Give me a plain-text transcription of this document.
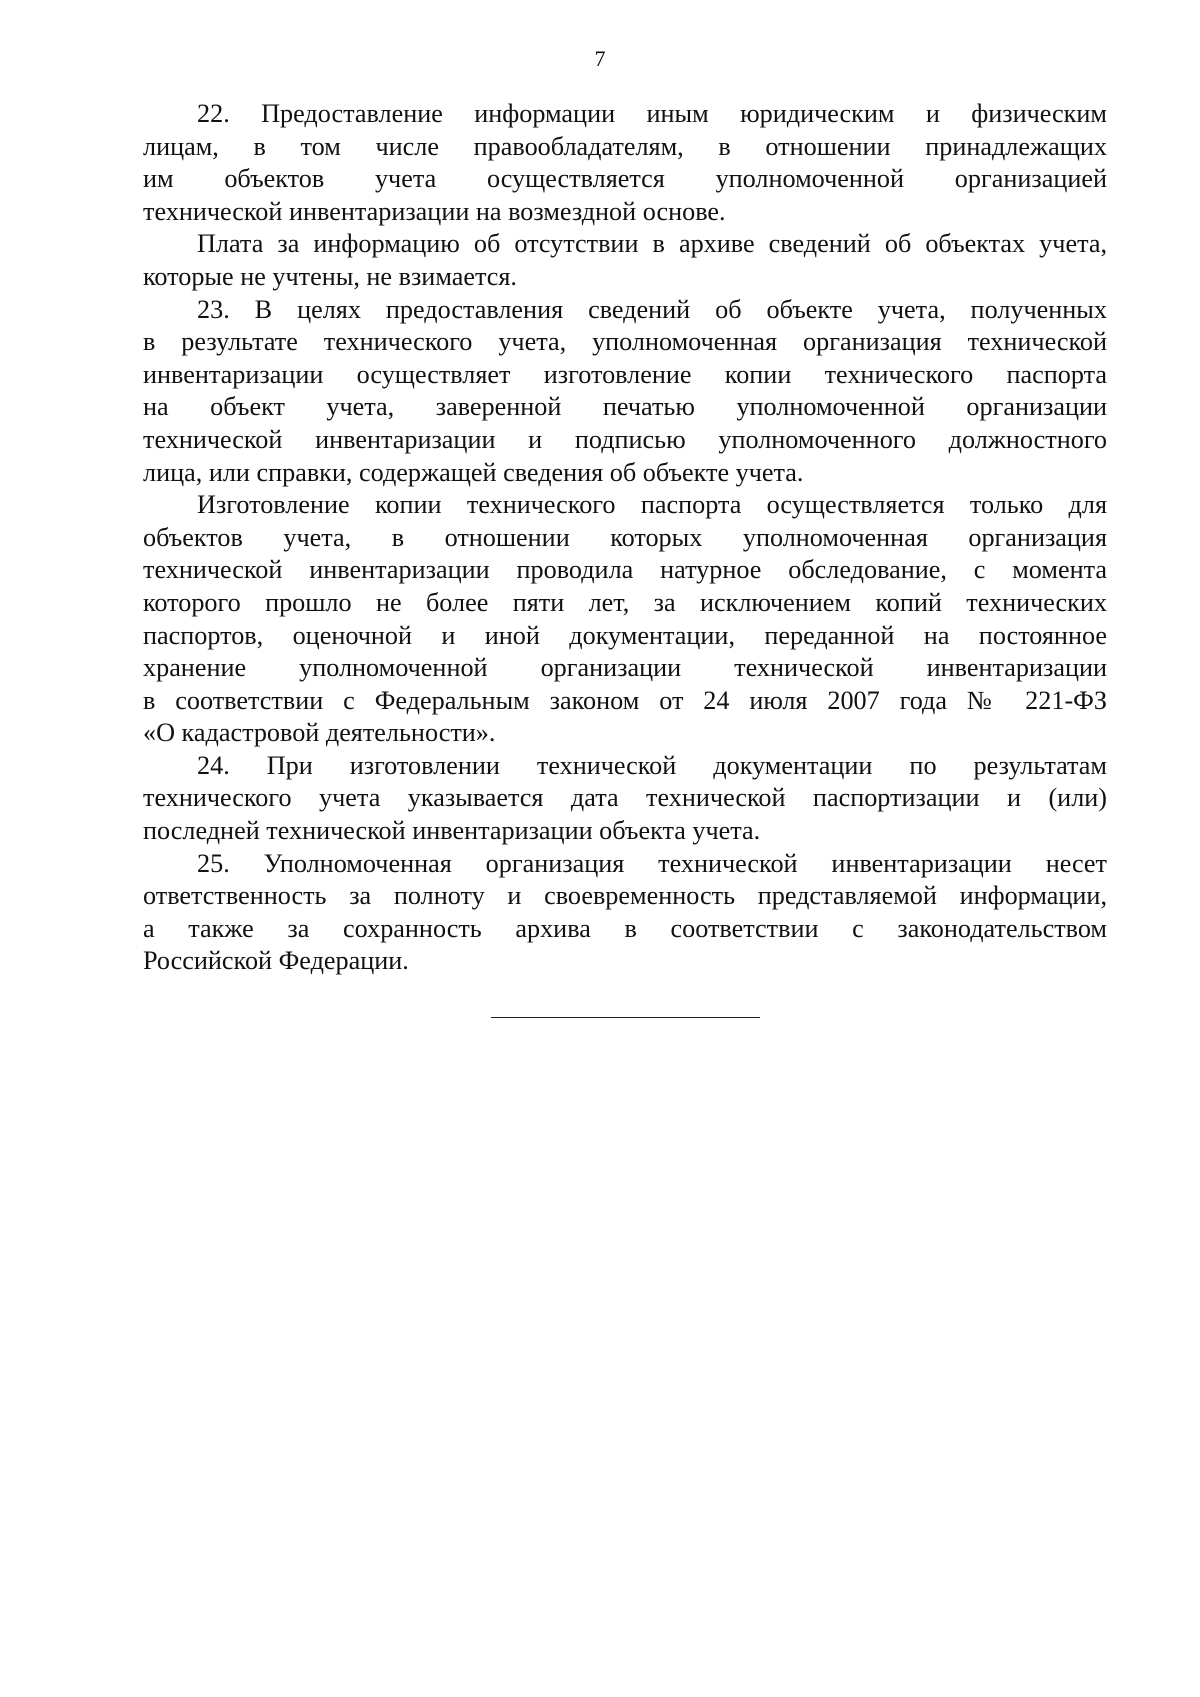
7

22. Предоставление информации иным юридическим и физическим
лицам, в том числе правообладателям, в отношении принадлежащих
им объектов учета осуществляется уполномоченной организацией
технической инвентаризации на возмездной основе.

Плата за информацию об отсутствии в архиве сведений об объектах учета,
которые не учтены, не взимается.

23. В целях предоставления сведений об объекте учета, полученных
в результате технического учета, уполномоченная организация технической
инвентаризации осуществляет изготовление копии технического паспорта
на объект учета, заверенной печатью уполномоченной организации
технической инвентаризации и подписью уполномоченного должностного
лица, или справки, содержащей сведения об объекте учета.

Изготовление копии технического паспорта осуществляется только для
объектов учета, в отношении которых уполномоченная организация
технической инвентаризации проводила натурное обследование, с момента
которого прошло не более пяти лет, за исключением копий технических
паспортов, оценочной и иной документации, переданной на постоянное
хранение уполномоченной организации технической инвентаризации
в соответствии с Федеральным законом от 24 июля 2007 года № 221-ФЗ
«О кадастровой деятельности».

24. При изготовлении технической документации по результатам
технического учета указывается дата технической паспортизации и (или)
последней технической инвентаризации объекта учета.

25. Уполномоченная организация технической инвентаризации несет
ответственность за полноту и своевременность представляемой информации,
а также за сохранность архива в соответствии с законодательством
Российской Федерации.
